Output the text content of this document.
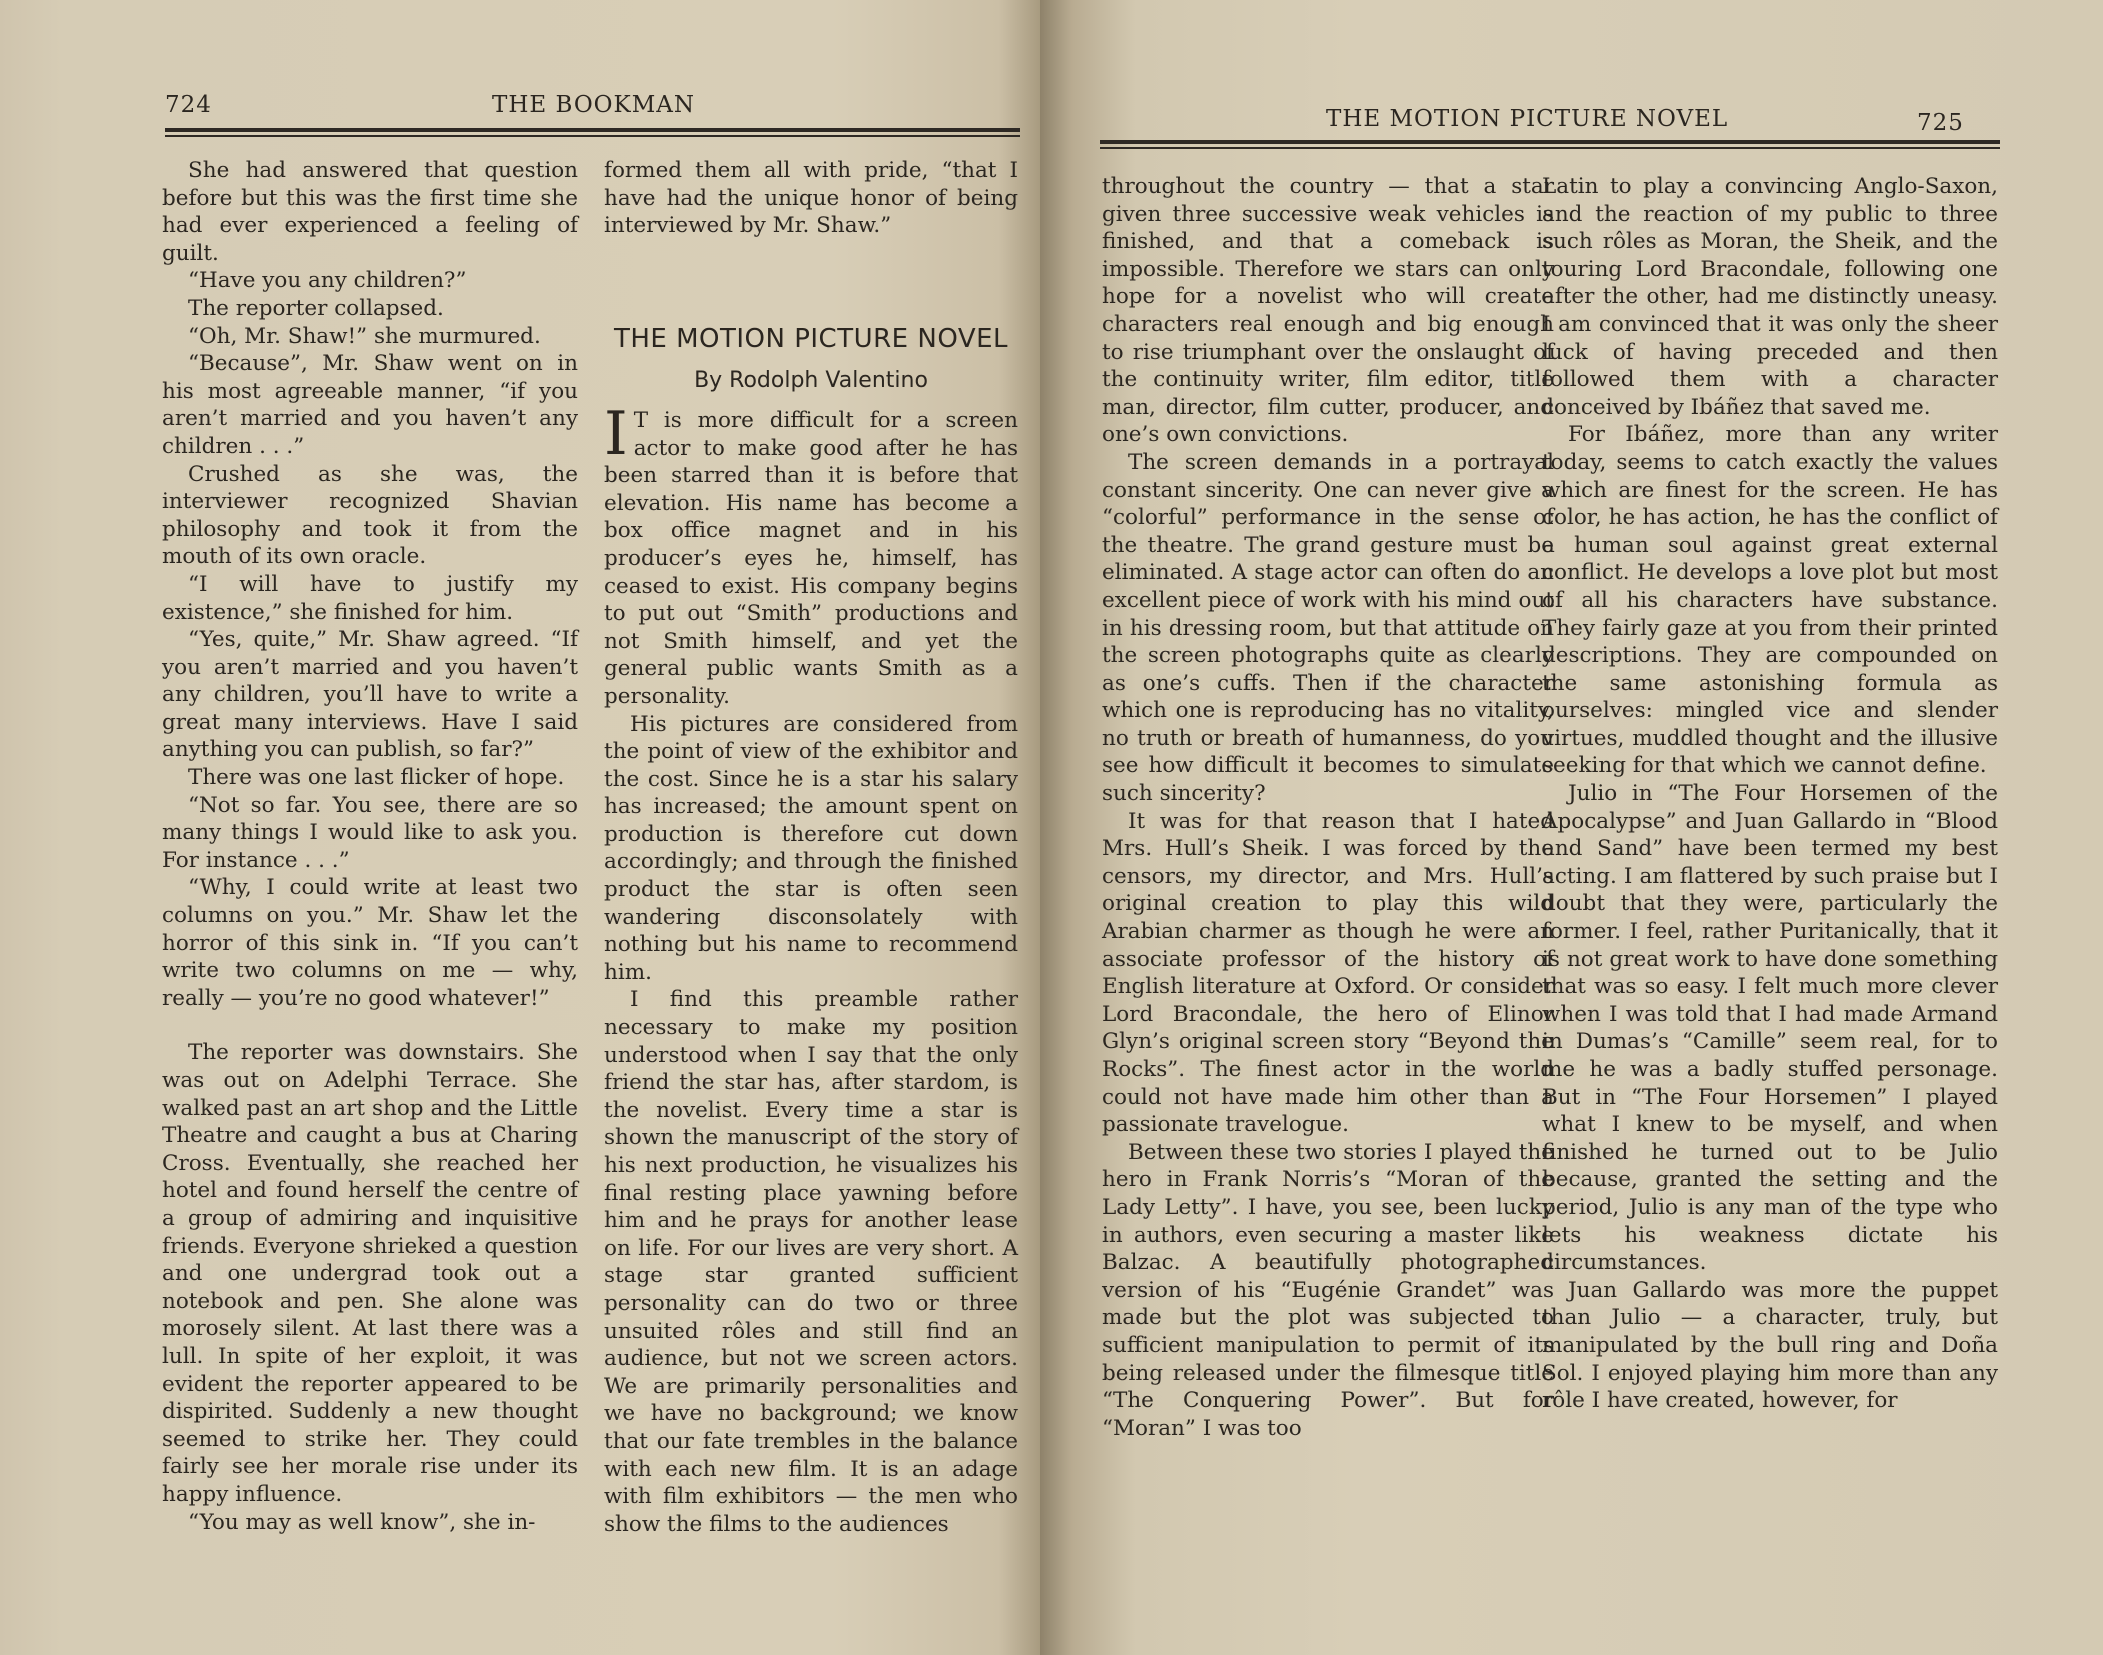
724	THE BOOKMAN

She had answered that question before but this was the first time she had ever experienced a feeling of guilt.

“Have you any children?”

The reporter collapsed.

“Oh, Mr. Shaw!” she murmured.

“Because”, Mr. Shaw went on in his most agreeable manner, “if you aren’t married and you haven’t any children . . .”

Crushed as she was, the interviewer recognized Shavian philosophy and took it from the mouth of its own oracle.

“I will have to justify my existence,” she finished for him.

“Yes, quite,” Mr. Shaw agreed. “If you aren’t married and you haven’t any children, you’ll have to write a great many interviews. Have I said anything you can publish, so far?”

There was one last flicker of hope.

“Not so far. You see, there are so many things I would like to ask you. For instance . . .”

“Why, I could write at least two columns on you.” Mr. Shaw let the horror of this sink in. “If you can’t write two columns on me — why, really — you’re no good whatever!”

The reporter was downstairs. She was out on Adelphi Terrace. She walked past an art shop and the Little Theatre and caught a bus at Charing Cross. Eventually, she reached her hotel and found herself the centre of a group of admiring and inquisitive friends. Everyone shrieked a question and one undergrad took out a notebook and pen. She alone was morosely silent. At last there was a lull. In spite of her exploit, it was evident the reporter appeared to be dispirited. Suddenly a new thought seemed to strike her. They could fairly see her morale rise under its happy influence.

“You may as well know”, she in-

formed them all with pride, “that I have had the unique honor of being interviewed by Mr. Shaw.”

THE MOTION PICTURE NOVEL
By Rodolph Valentino
I T is more difficult for a screen actor to make good after he has been starred than it is before that elevation. His name has become a box office magnet and in his producer’s eyes he, himself, has ceased to exist. His company begins to put out “Smith” productions and not Smith himself, and yet the general public wants Smith as a personality.

His pictures are considered from the point of view of the exhibitor and the cost. Since he is a star his salary has increased; the amount spent on production is therefore cut down accordingly; and through the finished product the star is often seen wandering disconsolately with nothing but his name to recommend him.

I find this preamble rather necessary to make my position understood when I say that the only friend the star has, after stardom, is the novelist. Every time a star is shown the manuscript of the story of his next production, he visualizes his final resting place yawning before him and he prays for another lease on life. For our lives are very short. A stage star granted sufficient personality can do two or three unsuited rôles and still find an audience, but not we screen actors. We are primarily personalities and we have no background; we know that our fate trembles in the balance with each new film. It is an adage with film exhibitors — the men who show the films to the audiences

THE MOTION PICTURE NOVEL	725

throughout the country — that a star given three successive weak vehicles is finished, and that a comeback is impossible. Therefore we stars can only hope for a novelist who will create characters real enough and big enough to rise triumphant over the onslaught of the continuity writer, film editor, title man, director, film cutter, producer, and one’s own convictions.

The screen demands in a portrayal constant sincerity. One can never give a “colorful” performance in the sense of the theatre. The grand gesture must be eliminated. A stage actor can often do an excellent piece of work with his mind out in his dressing room, but that attitude on the screen photographs quite as clearly as one’s cuffs. Then if the character which one is reproducing has no vitality, no truth or breath of humanness, do you see how difficult it becomes to simulate such sincerity?

It was for that reason that I hated Mrs. Hull’s Sheik. I was forced by the censors, my director, and Mrs. Hull’s original creation to play this wild Arabian charmer as though he were an associate professor of the history of English literature at Oxford. Or consider Lord Bracondale, the hero of Elinor Glyn’s original screen story “Beyond the Rocks”. The finest actor in the world could not have made him other than a passionate travelogue.

Between these two stories I played the hero in Frank Norris’s “Moran of the Lady Letty”. I have, you see, been lucky in authors, even securing a master like Balzac. A beautifully photographed version of his “Eugénie Grandet” was made but the plot was subjected to sufficient manipulation to permit of its being released under the filmesque title “The Conquering Power”. But for “Moran” I was too

Latin to play a convincing Anglo-Saxon, and the reaction of my public to three such rôles as Moran, the Sheik, and the touring Lord Bracondale, following one after the other, had me distinctly uneasy. I am convinced that it was only the sheer luck of having preceded and then followed them with a character conceived by Ibáñez that saved me.

For Ibáñez, more than any writer today, seems to catch exactly the values which are finest for the screen. He has color, he has action, he has the conflict of a human soul against great external conflict. He develops a love plot but most of all his characters have substance. They fairly gaze at you from their printed descriptions. They are compounded on the same astonishing formula as ourselves: mingled vice and slender virtues, muddled thought and the illusive seeking for that which we cannot define.

Julio in “The Four Horsemen of the Apocalypse” and Juan Gallardo in “Blood and Sand” have been termed my best acting. I am flattered by such praise but I doubt that they were, particularly the former. I feel, rather Puritanically, that it is not great work to have done something that was so easy. I felt much more clever when I was told that I had made Armand in Dumas’s “Camille” seem real, for to me he was a badly stuffed personage. But in “The Four Horsemen” I played what I knew to be myself, and when finished he turned out to be Julio because, granted the setting and the period, Julio is any man of the type who lets his weakness dictate his circumstances.

Juan Gallardo was more the puppet than Julio — a character, truly, but manipulated by the bull ring and Doña Sol. I enjoyed playing him more than any rôle I have created, however, for
